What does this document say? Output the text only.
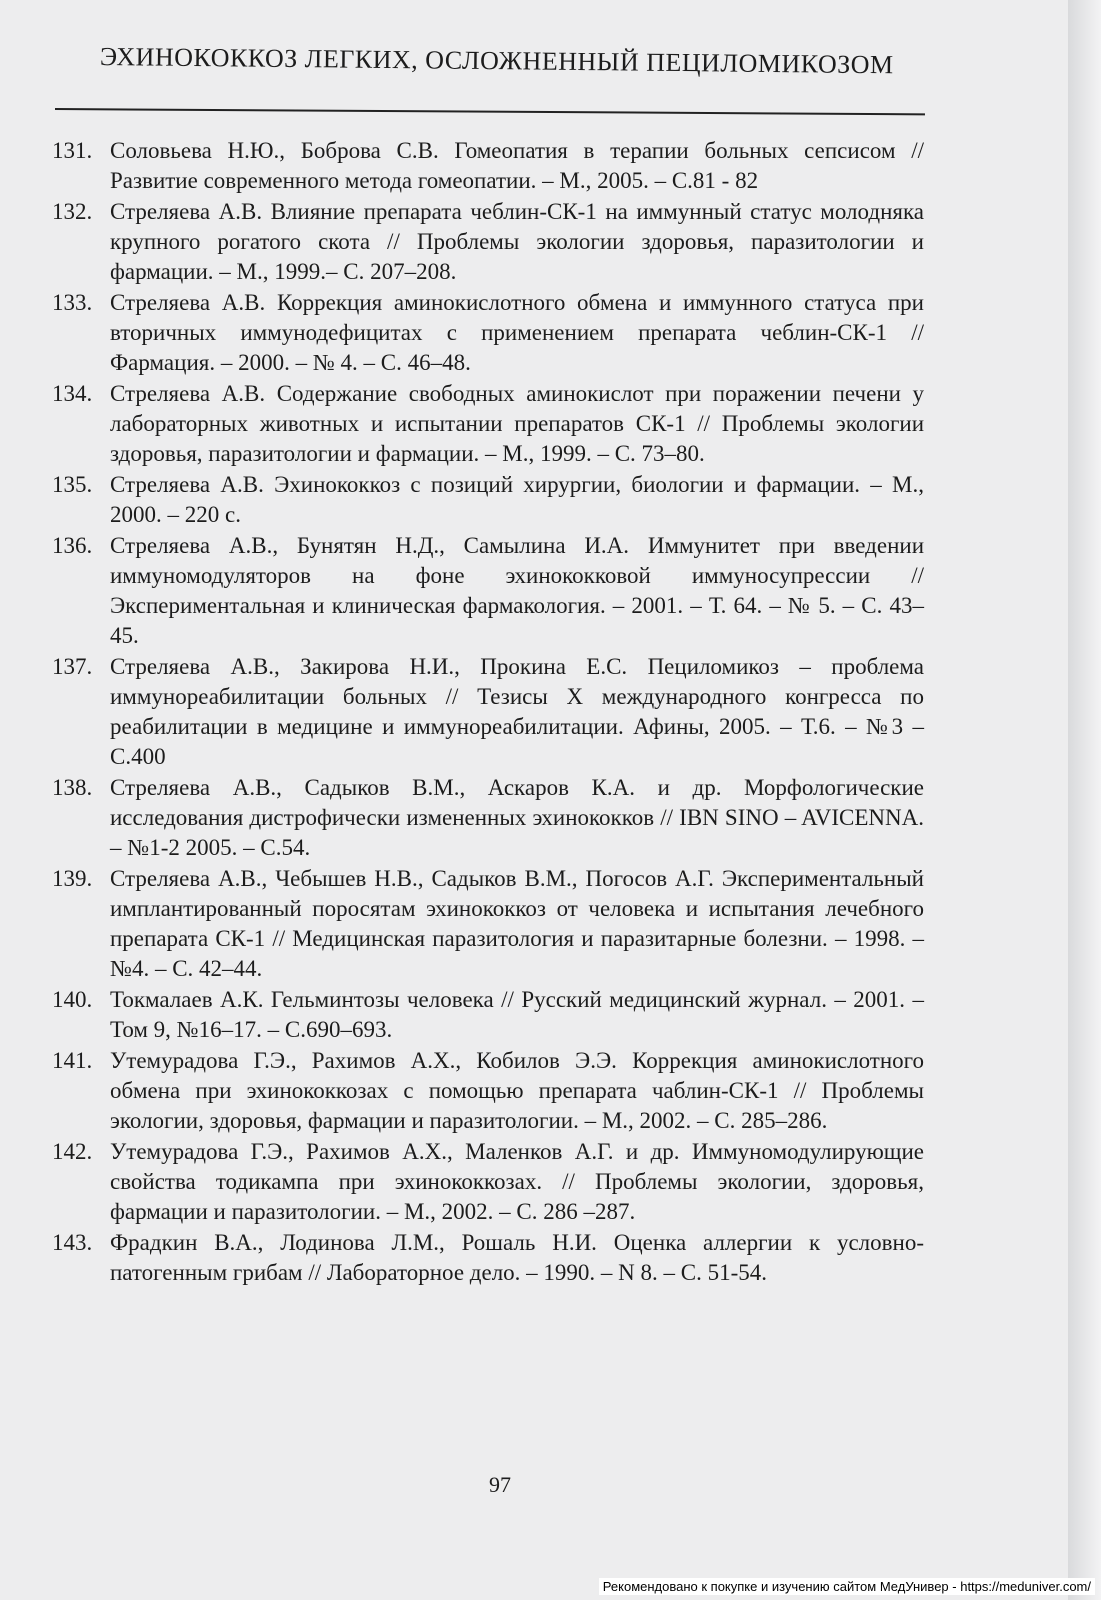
ЭХИНОКОККОЗ ЛЕГКИХ, ОСЛОЖНЕННЫЙ ПЕЦИЛОМИКОЗОМ
131. Соловьева Н.Ю., Боброва С.В. Гомеопатия в терапии больных сепсисом // Развитие современного метода гомеопатии. – М., 2005. – С.81 - 82
132. Стреляева А.В. Влияние препарата чеблин-СК-1 на иммунный статус молодняка крупного рогатого скота // Проблемы экологии здоровья, паразитологии и фармации. – М., 1999.– С. 207–208.
133. Стреляева А.В. Коррекция аминокислотного обмена и иммунного статуса при вторичных иммунодефицитах с применением препарата чеблин-СК-1 // Фармация. – 2000. – № 4. – С. 46–48.
134. Стреляева А.В. Содержание свободных аминокислот при поражении печени у лабораторных животных и испытании препаратов СК-1 // Проблемы экологии здоровья, паразитологии и фармации. – М., 1999. – С. 73–80.
135. Стреляева А.В. Эхинококкоз с позиций хирургии, биологии и фармации. – М., 2000. – 220 с.
136. Стреляева А.В., Бунятян Н.Д., Самылина И.А. Иммунитет при введении иммуномодуляторов на фоне эхинококковой иммуносупрессии // Экспериментальная и клиническая фармакология. – 2001. – Т. 64. – № 5. – С. 43–45.
137. Стреляева А.В., Закирова Н.И., Прокина Е.С. Пециломикоз – проблема иммунореабилитации больных // Тезисы X международного конгресса по реабилитации в медицине и иммунореабилитации. Афины, 2005. – Т.6. – №3 – С.400
138. Стреляева А.В., Садыков В.М., Аскаров К.А. и др. Морфологические исследования дистрофически измененных эхинококков // IBN SINO – AVICENNA. – №1-2 2005. – С.54.
139. Стреляева А.В., Чебышев Н.В., Садыков В.М., Погосов А.Г. Экспериментальный имплантированный поросятам эхинококкоз от человека и испытания лечебного препарата СК-1 // Медицинская паразитология и паразитарные болезни. – 1998. – №4. – С. 42–44.
140. Токмалаев А.К. Гельминтозы человека // Русский медицинский журнал. – 2001. – Том 9, №16–17. – С.690–693.
141. Утемурадова Г.Э., Рахимов А.Х., Кобилов Э.Э. Коррекция аминокислотного обмена при эхинококкозах с помощью препарата чаблин-СК-1 // Проблемы экологии, здоровья, фармации и паразитологии. – М., 2002. – С. 285–286.
142. Утемурадова Г.Э., Рахимов А.Х., Маленков А.Г. и др. Иммуномодулирующие свойства тодикампа при эхинококкозах. // Проблемы экологии, здоровья, фармации и паразитологии. – М., 2002. – С. 286 –287.
143. Фрадкин В.А., Лодинова Л.М., Рошаль Н.И. Оценка аллергии к условно-патогенным грибам // Лабораторное дело. – 1990. – N 8. – С. 51-54.
97
Рекомендовано к покупке и изучению сайтом МедУнивер - https://meduniver.com/
